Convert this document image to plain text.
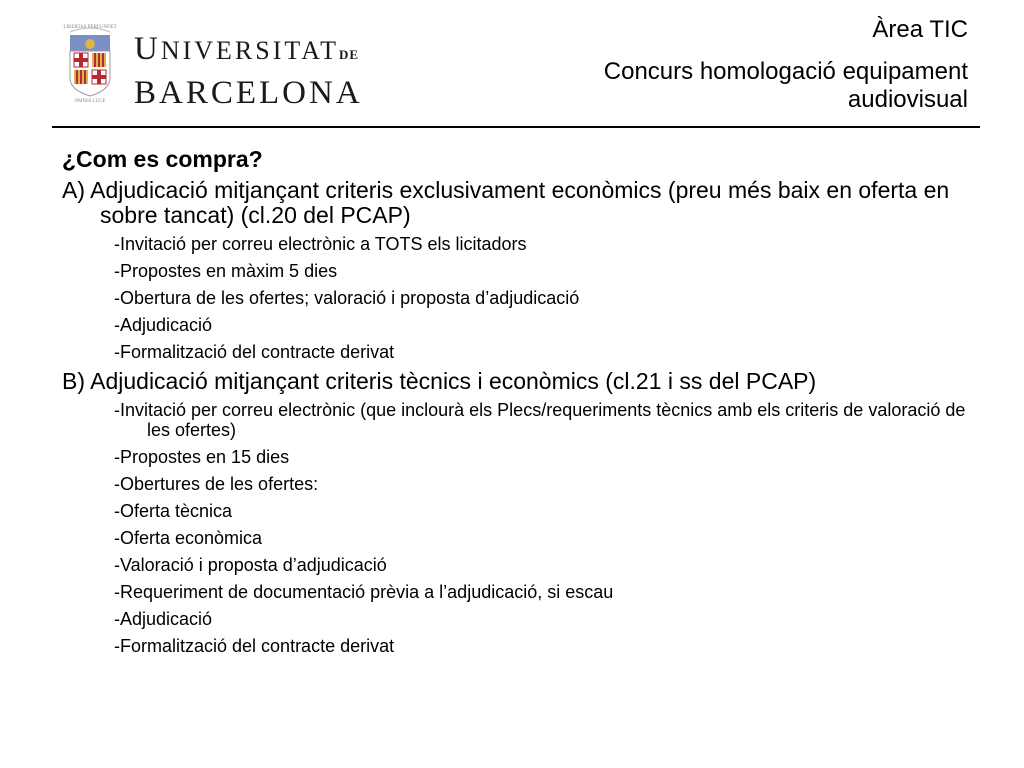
LIBERTAS PERFUNDET
OMNIA LUCE
UNIVERSITATDE
BARCELONA
Àrea TIC
Concurs homologació equipament audiovisual
¿Com es compra?
A) Adjudicació mitjançant criteris exclusivament econòmics (preu més baix en oferta en sobre tancat) (cl.20 del PCAP)
-Invitació per correu electrònic a TOTS els licitadors
-Propostes en màxim 5 dies
-Obertura de les ofertes; valoració i proposta d’adjudicació
-Adjudicació
-Formalització del contracte derivat
B) Adjudicació mitjançant criteris tècnics i econòmics (cl.21 i ss del PCAP)
-Invitació per correu electrònic (que inclourà els Plecs/requeriments tècnics amb els criteris de valoració de les ofertes)
-Propostes en 15 dies
-Obertures de les ofertes:
-Oferta tècnica
-Oferta econòmica
-Valoració i proposta d’adjudicació
-Requeriment de documentació prèvia a l’adjudicació, si escau
-Adjudicació
-Formalització del contracte derivat
